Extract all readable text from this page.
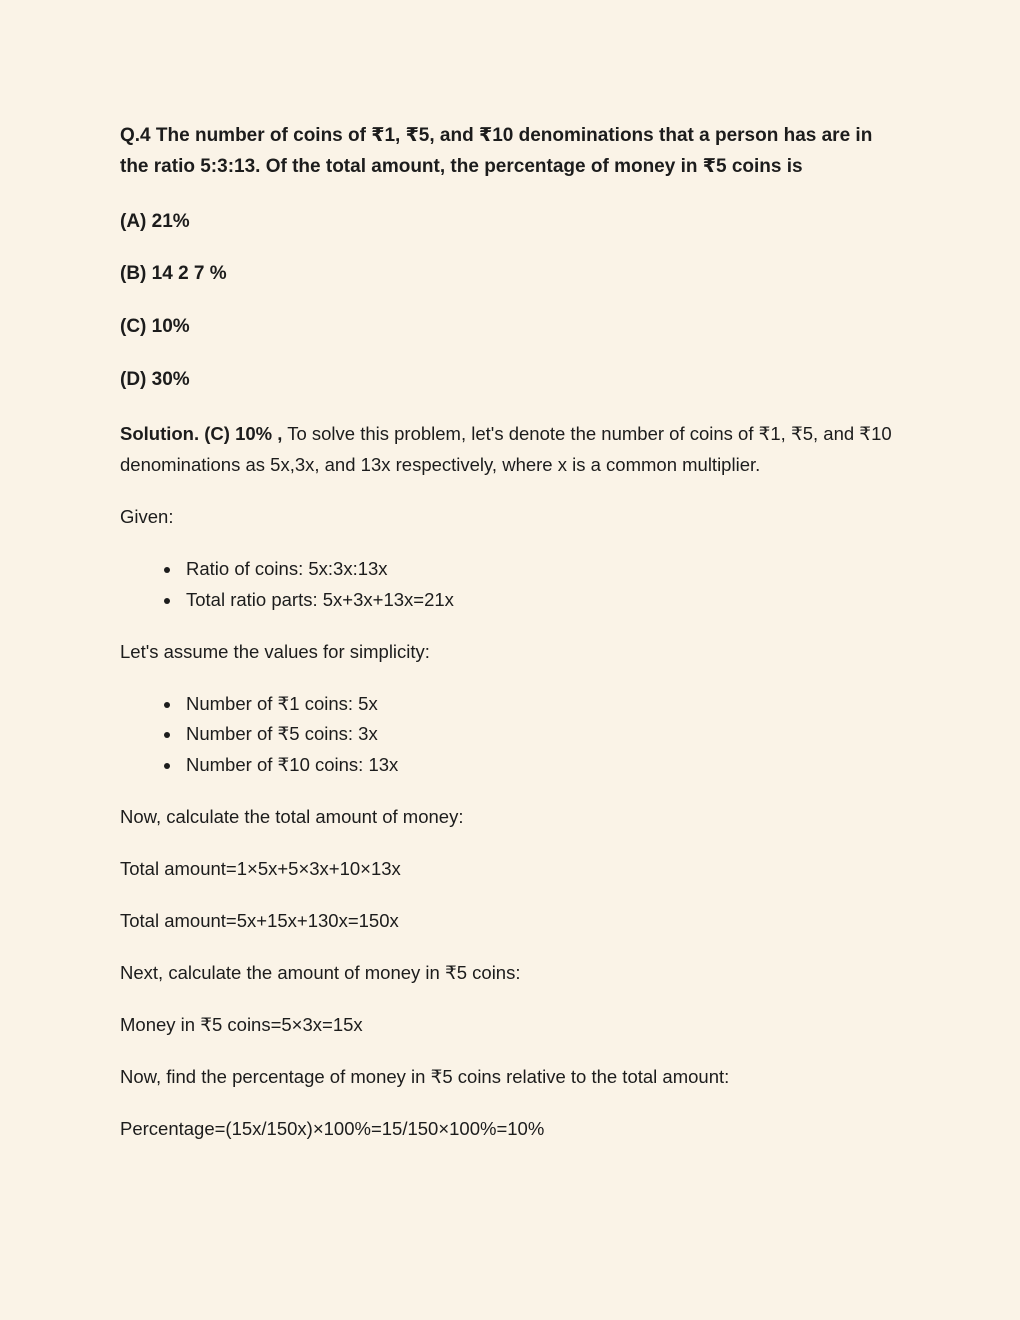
Q.4 The number of coins of ₹1, ₹5, and ₹10 denominations that a person has are in the ratio 5:3:13. Of the total amount, the percentage of money in ₹5 coins is

(A) 21%

(B) 14 2 7 %

(C) 10%

(D) 30%

Solution. (C) 10% , To solve this problem, let's denote the number of coins of ₹1, ₹5, and ₹10 denominations as 5x,3x, and 13x respectively, where x is a common multiplier.

Given:

• Ratio of coins: 5x:3x:13x
• Total ratio parts: 5x+3x+13x=21x

Let's assume the values for simplicity:

• Number of ₹1 coins: 5x
• Number of ₹5 coins: 3x
• Number of ₹10 coins: 13x

Now, calculate the total amount of money:

Total amount=1×5x+5×3x+10×13x

Total amount=5x+15x+130x=150x

Next, calculate the amount of money in ₹5 coins:

Money in ₹5 coins=5×3x=15x

Now, find the percentage of money in ₹5 coins relative to the total amount:

Percentage=(15x/150x)×100%=15/150×100%=10%
